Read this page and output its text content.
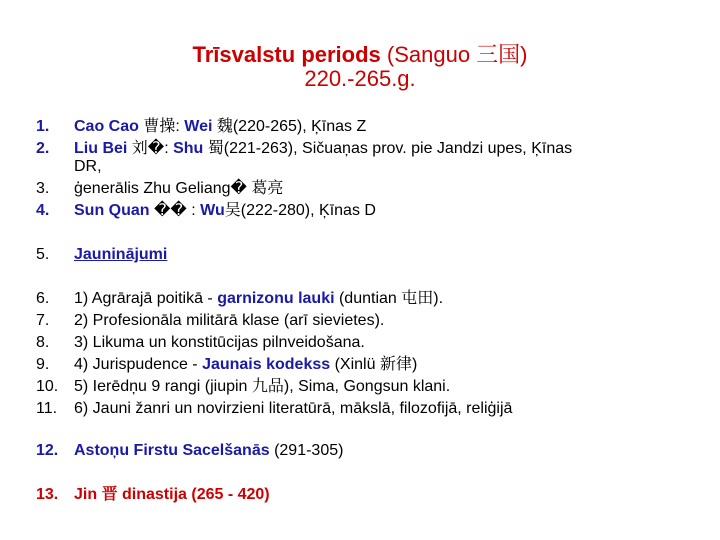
Trīsvalstu periods (Sanguo 三国)
220.-265.g.
1.	Cao Cao 曹操: Wei 魏(220-265), Ķīnas Z
2.	Liu Bei 刘�: Shu 蜀(221-263), Sičuaņas prov. pie Jandzi upes, Ķīnas
DR,
3.	ģenerālis Zhu Geliang� 葛亮
4.	Sun Quan �� : Wu吴(222-280), Ķīnas D
5.	Jauninājumi
6.	1) Agrārajā poitikā - garnizonu lauki (duntian 屯田).
7.	2) Profesionāla militārā klase (arī sievietes).
8.	3) Likuma un konstitūcijas pilnveidošana.
9.	4) Jurispudence - Jaunais kodekss (Xinlü 新律)
10. 5) Ierēdņu 9 rangi (jiupin 九品), Sima, Gongsun klani.
11.	6) Jauni žanri un novirzieni literatūrā, mākslā, filozofijā, reliģijā
12. Astoņu Firstu Sacelšanās (291-305)
13. Jin 晋 dinastija (265 - 420)
